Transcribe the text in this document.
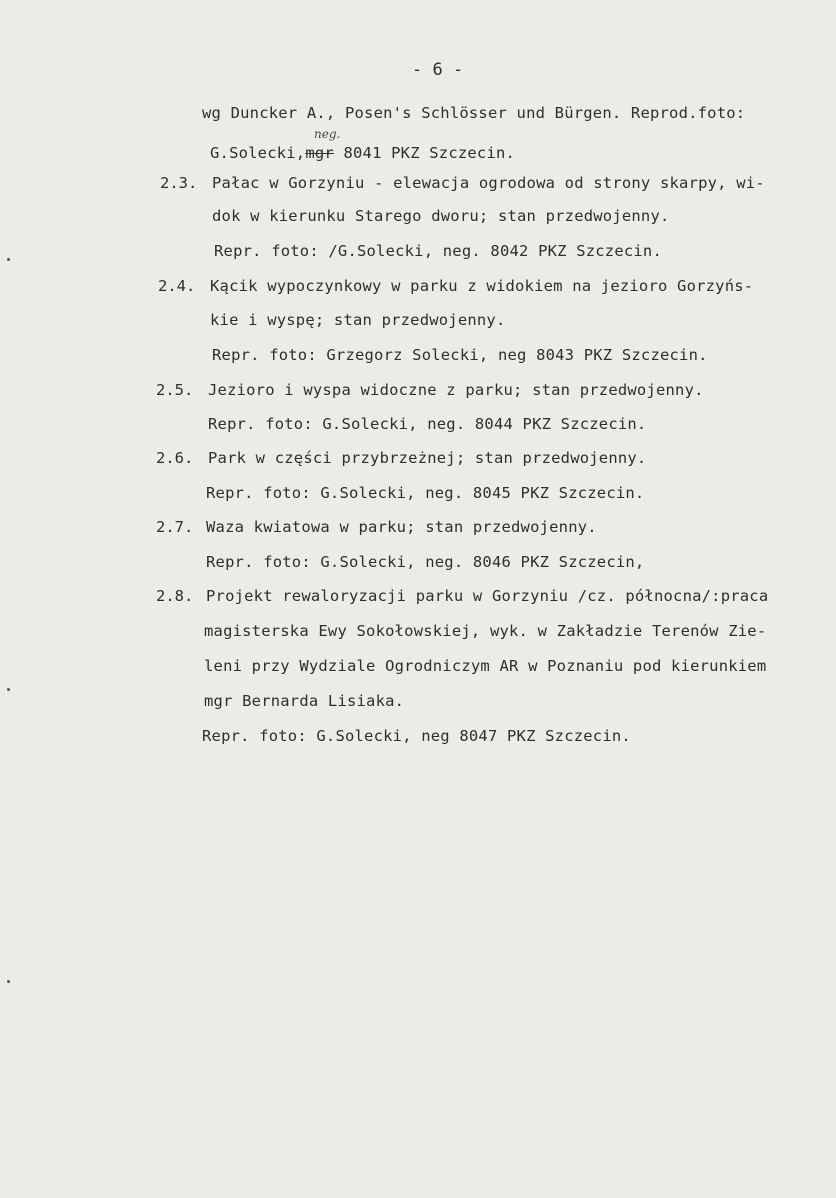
- 6 -
wg Duncker A., Posen's Schlösser und Bürgen. Reprod.foto:
neg.
G.Solecki,mgr 8041 PKZ Szczecin.
2.3. Pałac w Gorzyniu - elewacja ogrodowa od strony skarpy, wi-
dok w kierunku Starego dworu; stan przedwojenny.
Repr. foto: /G.Solecki, neg. 8042 PKZ Szczecin.
2.4. Kącik wypoczynkowy w parku z widokiem na jezioro Gorzyńs-
kie i wyspę; stan przedwojenny.
Repr. foto: Grzegorz Solecki, neg 8043 PKZ Szczecin.
2.5. Jezioro i wyspa widoczne z parku; stan przedwojenny.
Repr. foto: G.Solecki, neg. 8044 PKZ Szczecin.
2.6. Park w części przybrzeżnej; stan przedwojenny.
Repr. foto: G.Solecki, neg. 8045 PKZ Szczecin.
2.7. Waza kwiatowa w parku; stan przedwojenny.
Repr. foto: G.Solecki, neg. 8046 PKZ Szczecin,
2.8. Projekt rewaloryzacji parku w Gorzyniu /cz. północna/:praca
magisterska Ewy Sokołowskiej, wyk. w Zakładzie Terenów Zie-
leni przy Wydziale Ogrodniczym AR w Poznaniu pod kierunkiem
mgr Bernarda Lisiaka.
Repr. foto: G.Solecki, neg 8047 PKZ Szczecin.
